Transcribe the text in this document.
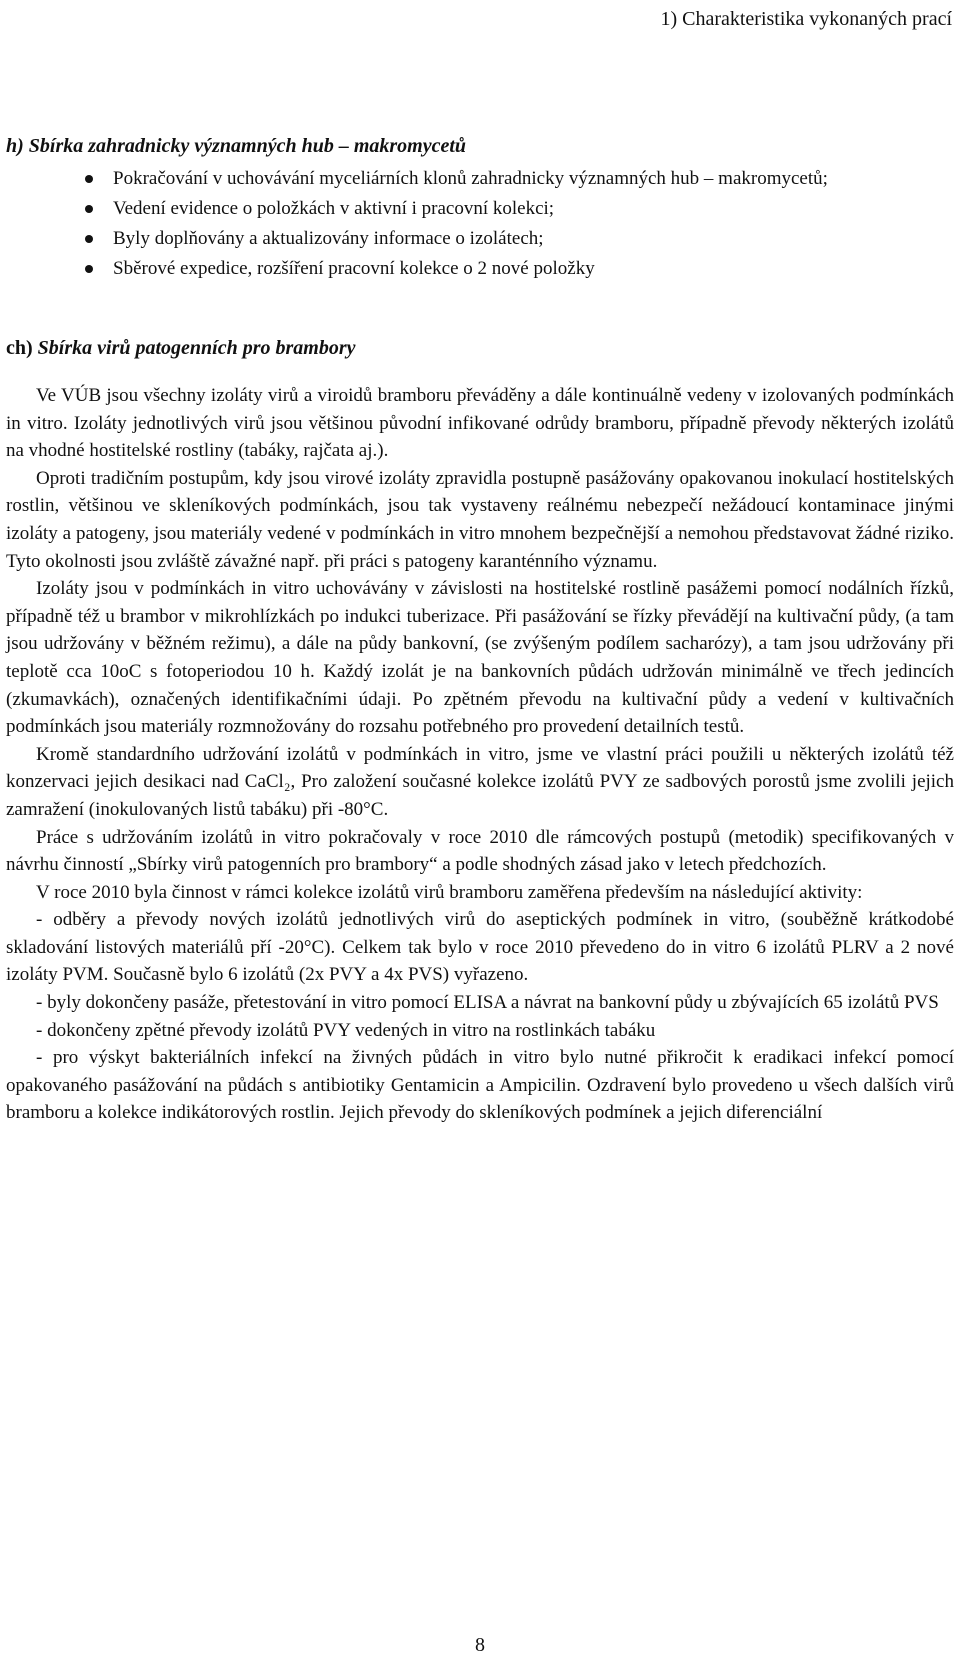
1) Charakteristika vykonaných prací
h) Sbírka zahradnicky významných hub – makromycetů
Pokračování v uchovávání myceliárních klonů zahradnicky významných hub – makromycetů;
Vedení evidence o položkách v aktivní i pracovní kolekci;
Byly doplňovány a aktualizovány informace o izolátech;
Sběrové expedice, rozšíření pracovní kolekce o 2 nové položky
ch) Sbírka virů patogenních pro brambory

Ve VÚB jsou všechny izoláty virů a viroidů bramboru převáděny a dále kontinuálně vedeny v izolovaných podmínkách in vitro. Izoláty jednotlivých virů jsou většinou původní infikované odrůdy bramboru, případně převody některých izolátů na vhodné hostitelské rostliny (tabáky, rajčata aj.).

Oproti tradičním postupům, kdy jsou virové izoláty zpravidla postupně pasážovány opakovanou inokulací hostitelských rostlin, většinou ve skleníkových podmínkách, jsou tak vystaveny reálnému nebezpečí nežádoucí kontaminace jinými izoláty a patogeny, jsou materiály vedené v podmínkách in vitro mnohem bezpečnější a nemohou představovat žádné riziko. Tyto okolnosti jsou zvláště závažné např. při práci s patogeny karanténního významu.

Izoláty jsou v podmínkách in vitro uchovávány v závislosti na hostitelské rostlině pasážemi pomocí nodálních řízků, případně též u brambor v mikrohlízkách po indukci tuberizace. Při pasážování se řízky převádějí na kultivační půdy, (a tam jsou udržovány v běžném režimu), a dále na půdy bankovní, (se zvýšeným podílem sacharózy), a tam jsou udržovány při teplotě cca 10oC s fotoperiodou 10 h. Každý izolát je na bankovních půdách udržován minimálně ve třech jedincích (zkumavkách), označených identifikačními údaji. Po zpětném převodu na kultivační půdy a vedení v kultivačních podmínkách jsou materiály rozmnožovány do rozsahu potřebného pro provedení detailních testů.

Kromě standardního udržování izolátů v podmínkách in vitro, jsme ve vlastní práci použili u některých izolátů též konzervaci jejich desikaci nad CaCl₂, Pro založení současné kolekce izolátů PVY ze sadbových porostů jsme zvolili jejich zamražení (inokulovaných listů tabáku) při -80°C.

Práce s udržováním izolátů in vitro pokračovaly v roce 2010 dle rámcových postupů (metodik) specifikovaných v návrhu činností „Sbírky virů patogenních pro brambory“ a podle shodných zásad jako v letech předchozích.

V roce 2010 byla činnost v rámci kolekce izolátů virů bramboru zaměřena především na následující aktivity:

- odběry a převody nových izolátů jednotlivých virů do aseptických podmínek in vitro, (souběžně krátkodobé skladování listových materiálů pří -20°C). Celkem tak bylo v roce 2010 převedeno do in vitro 6 izolátů PLRV a 2 nové izoláty PVM. Současně bylo 6 izolátů (2x PVY a 4x PVS) vyřazeno.

- byly dokončeny pasáže, přetestování in vitro pomocí ELISA a návrat na bankovní půdy u zbývajících 65 izolátů PVS

- dokončeny zpětné převody izolátů PVY vedených in vitro na rostlinkách tabáku

- pro výskyt bakteriálních infekcí na živných půdách in vitro bylo nutné přikročit k eradikaci infekcí pomocí opakovaného pasážování na půdách s antibiotiky Gentamicin a Ampicilin. Ozdravení bylo provedeno u všech dalších virů bramboru a kolekce indikátorových rostlin. Jejich převody do skleníkových podmínek a jejich diferenciální

8
